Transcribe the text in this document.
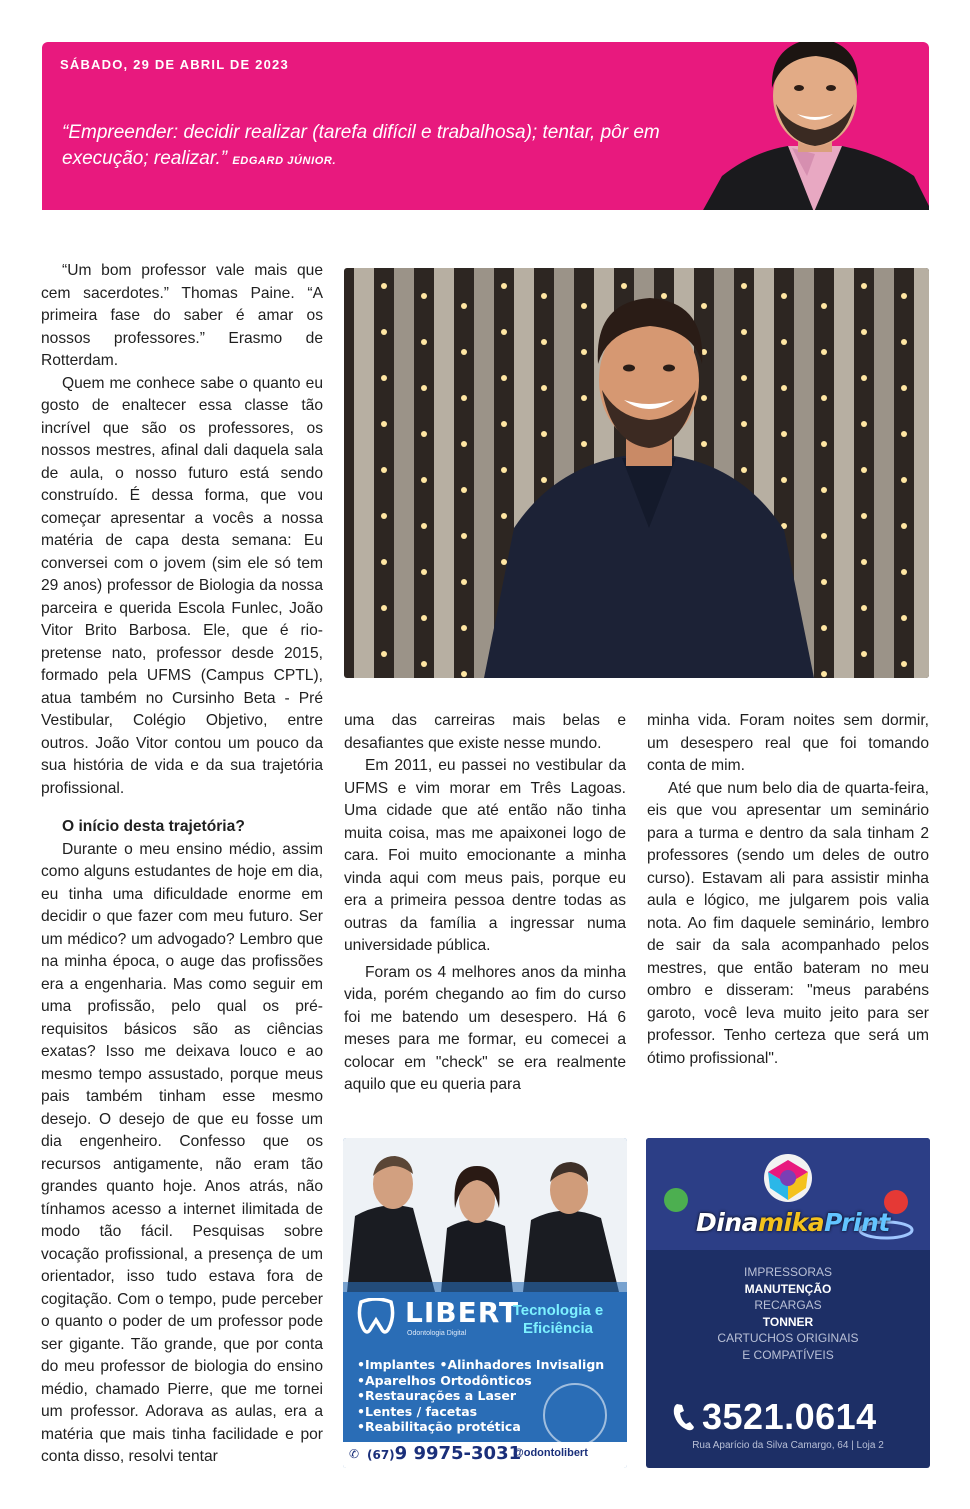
SÁBADO, 29 DE ABRIL DE 2023
“Empreender: decidir realizar (tarefa difícil e trabalhosa); tentar, pôr em execução; realizar.” EDGARD JÚNIOR.

“Um bom professor vale mais que cem sacerdotes.” Thomas Paine. “A primeira fase do saber é amar os nossos professores.” Erasmo de Rotterdam.

Quem me conhece sabe o quanto eu gosto de enaltecer essa classe tão incrível que são os professores, os nossos mestres, afinal dali daquela sala de aula, o nosso futuro está sendo construído. É dessa forma, que vou começar apresentar a vocês a nossa matéria de capa desta semana: Eu conversei com o jovem (sim ele só tem 29 anos) professor de Biologia da nossa parceira e querida Escola Funlec, João Vitor Brito Barbosa. Ele, que é rio-pretense nato, professor desde 2015, formado pela UFMS (Campus CPTL), atua também no Cursinho Beta - Pré Vestibular, Colégio Objetivo, entre outros. João Vitor contou um pouco da sua história de vida e da sua trajetória profissional.

O início desta trajetória?

Durante o meu ensino médio, assim como alguns estudantes de hoje em dia, eu tinha uma dificuldade enorme em decidir o que fazer com meu futuro. Ser um médico? um advogado? Lembro que na minha época, o auge das profissões era a engenharia. Mas como seguir em uma profissão, pelo qual os pré-requisitos básicos são as ciências exatas? Isso me deixava louco e ao mesmo tempo assustado, porque meus pais também tinham esse mesmo desejo. O desejo de que eu fosse um dia engenheiro. Confesso que os recursos antigamente, não eram tão grandes quanto hoje. Anos atrás, não tínhamos acesso a internet ilimitada de modo tão fácil. Pesquisas sobre vocação profissional, a presença de um orientador, isso tudo estava fora de cogitação. Com o tempo, pude perceber o quanto o poder de um professor pode ser gigante. Tão grande, que por conta do meu professor de biologia do ensino médio, chamado Pierre, que me tornei um professor. Adorava as aulas, era a matéria que mais tinha facilidade e por conta disso, resolvi tentar

uma das carreiras mais belas e desafiantes que existe nesse mundo.

Em 2011, eu passei no vestibular da UFMS e vim morar em Três Lagoas. Uma cidade que até então não tinha muita coisa, mas me apaixonei logo de cara. Foi muito emocionante a minha vinda aqui com meus pais, porque eu era a primeira pessoa dentre todas as outras da família a ingressar numa universidade pública.

Foram os 4 melhores anos da minha vida, porém chegando ao fim do curso foi me batendo um desespero. Há 6 meses para me formar, eu comecei a colocar em "check" se era realmente aquilo que eu queria para

minha vida. Foram noites sem dormir, um desespero real que foi tomando conta de mim.

Até que num belo dia de quarta-feira, eis que vou apresentar um seminário para a turma e dentro da sala tinham 2 professores (sendo um deles de outro curso). Estavam ali para assistir minha aula e lógico, me julgarem pois valia nota. Ao fim daquele seminário, lembro de sair da sala acompanhado pelos mestres, que então bateram no meu ombro e disseram: "meus parabéns garoto, você leva muito jeito para ser professor. Tenho certeza que será um ótimo profissional".

LIBERT
Odontologia Digital
Tecnologia e Eficiência
•Implantes •Alinhadores Invisalign
•Aparelhos Ortodônticos
•Restaurações a Laser
•Lentes / facetas
•Reabilitação protética
✆ (67)9 9975-3031
@odontolibert
DinamikaPrint
IMPRESSORAS
MANUTENÇÃO
RECARGAS
TONNER
CARTUCHOS ORIGINAIS
E COMPATÍVEIS
3521.0614
Rua Aparício da Silva Camargo, 64 | Loja 2
